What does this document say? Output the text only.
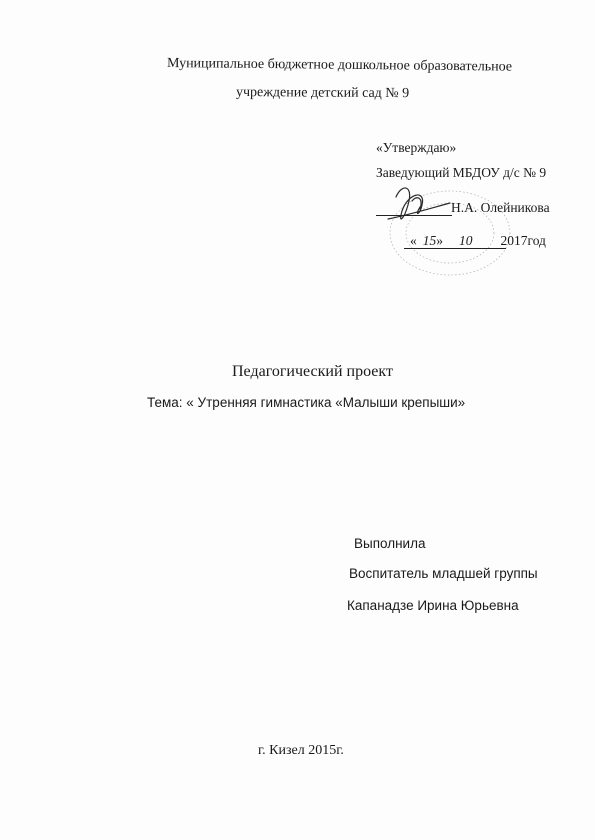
Муниципальное бюджетное дошкольное образовательное
учреждение детский сад № 9
«Утверждаю»
Заведующий МБДОУ д/с № 9
Н.А. Олейникова
« 15» 10 2017год
Педагогический проект
Тема: « Утренняя гимнастика «Малыши крепыши»
Выполнила
Воспитатель младшей группы
Капанадзе Ирина Юрьевна
г. Кизел 2015г.
